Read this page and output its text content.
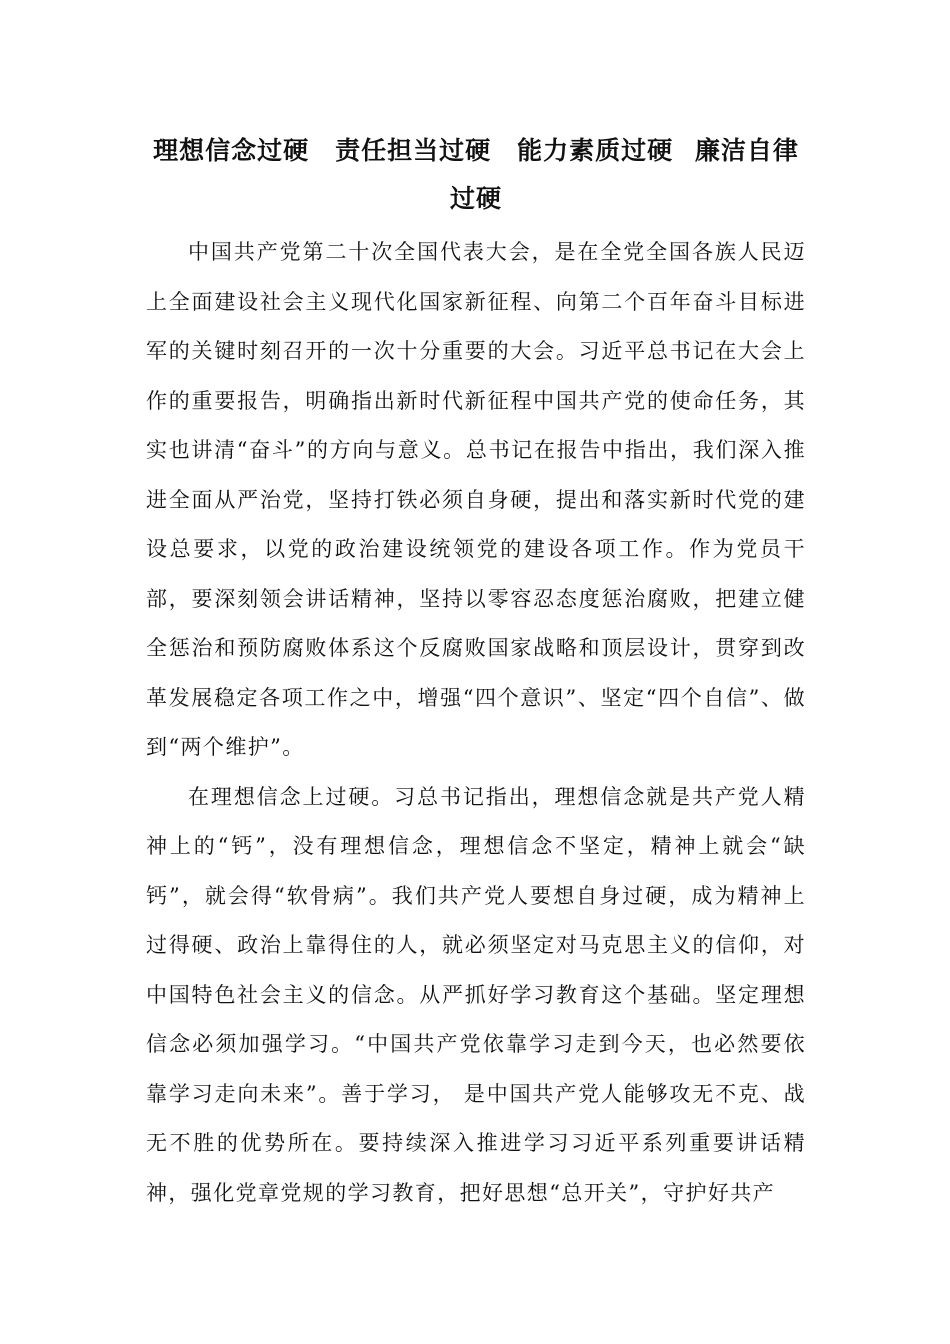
理想信念过硬　责任担当过硬　能力素质过硬 廉洁自律过硬

中国共产党第二十次全国代表大会，是在全党全国各族人民迈上全面建设社会主义现代化国家新征程、向第二个百年奋斗目标进军的关键时刻召开的一次十分重要的大会。习近平总书记在大会上作的重要报告，明确指出新时代新征程中国共产党的使命任务，其实也讲清“奋斗”的方向与意义。总书记在报告中指出，我们深入推进全面从严治党，坚持打铁必须自身硬，提出和落实新时代党的建设总要求，以党的政治建设统领党的建设各项工作。作为党员干部，要深刻领会讲话精神，坚持以零容忍态度惩治腐败，把建立健全惩治和预防腐败体系这个反腐败国家战略和顶层设计，贯穿到改革发展稳定各项工作之中，增强“四个意识”、坚定“四个自信”、做到“两个维护”。

在理想信念上过硬。习总书记指出，理想信念就是共产党人精神上的“钙”，没有理想信念，理想信念不坚定，精神上就会“缺钙”，就会得“软骨病”。我们共产党人要想自身过硬，成为精神上过得硬、政治上靠得住的人，就必须坚定对马克思主义的信仰，对中国特色社会主义的信念。从严抓好学习教育这个基础。坚定理想信念必须加强学习。“中国共产党依靠学习走到今天，也必然要依靠学习走向未来”。善于学习， 是中国共产党人能够攻无不克、战无不胜的优势所在。要持续深入推进学习习近平系列重要讲话精神，强化党章党规的学习教育，把好思想“总开关”，守护好共产
